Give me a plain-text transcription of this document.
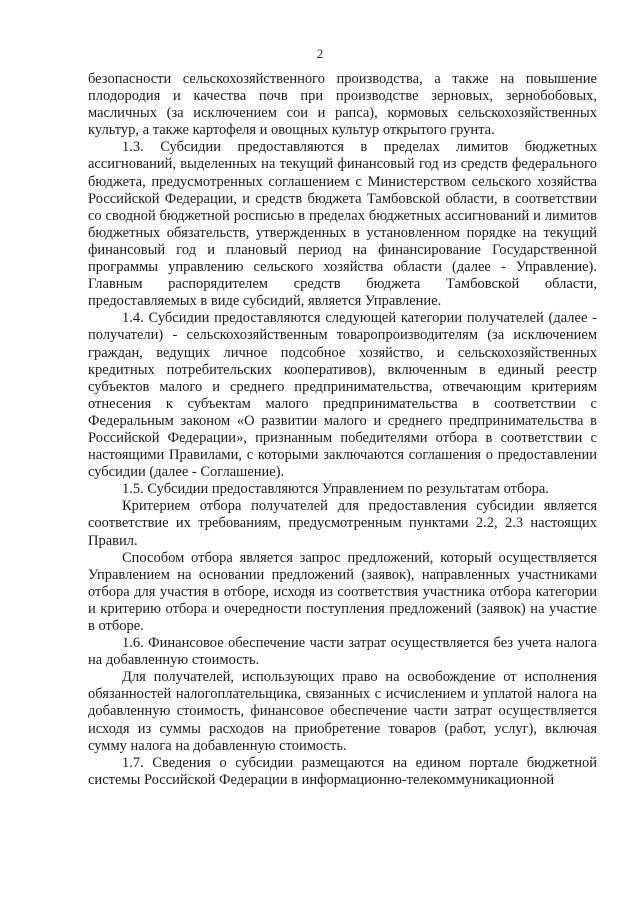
2

безопасности сельскохозяйственного производства, а также на повышение плодородия и качества почв при производстве зерновых, зернобобовых, масличных (за исключением сои и рапса), кормовых сельскохозяйственных культур, а также картофеля и овощных культур открытого грунта.

1.3. Субсидии предоставляются в пределах лимитов бюджетных ассигнований, выделенных на текущий финансовый год из средств федерального бюджета, предусмотренных соглашением с Министерством сельского хозяйства Российской Федерации, и средств бюджета Тамбовской области, в соответствии со сводной бюджетной росписью в пределах бюджетных ассигнований и лимитов бюджетных обязательств, утвержденных в установленном порядке на текущий финансовый год и плановый период на финансирование Государственной программы управлению сельского хозяйства области (далее - Управление). Главным распорядителем средств бюджета Тамбовской области, предоставляемых в виде субсидий, является Управление.

1.4. Субсидии предоставляются следующей категории получателей (далее - получатели) - сельскохозяйственным товаропроизводителям (за исключением граждан, ведущих личное подсобное хозяйство, и сельскохозяйственных кредитных потребительских кооперативов), включенным в единый реестр субъектов малого и среднего предпринимательства, отвечающим критериям отнесения к субъектам малого предпринимательства в соответствии с Федеральным законом «О развитии малого и среднего предпринимательства в Российской Федерации», признанным победителями отбора в соответствии с настоящими Правилами, с которыми заключаются соглашения о предоставлении субсидии (далее - Соглашение).

1.5. Субсидии предоставляются Управлением по результатам отбора.

Критерием отбора получателей для предоставления субсидии является соответствие их требованиям, предусмотренным пунктами 2.2, 2.3 настоящих Правил.

Способом отбора является запрос предложений, который осуществляется Управлением на основании предложений (заявок), направленных участниками отбора для участия в отборе, исходя из соответствия участника отбора категории и критерию отбора и очередности поступления предложений (заявок) на участие в отборе.

1.6. Финансовое обеспечение части затрат осуществляется без учета налога на добавленную стоимость.

Для получателей, использующих право на освобождение от исполнения обязанностей налогоплательщика, связанных с исчислением и уплатой налога на добавленную стоимость, финансовое обеспечение части затрат осуществляется исходя из суммы расходов на приобретение товаров (работ, услуг), включая сумму налога на добавленную стоимость.

1.7. Сведения о субсидии размещаются на едином портале бюджетной системы Российской Федерации в информационно-телекоммуникационной
